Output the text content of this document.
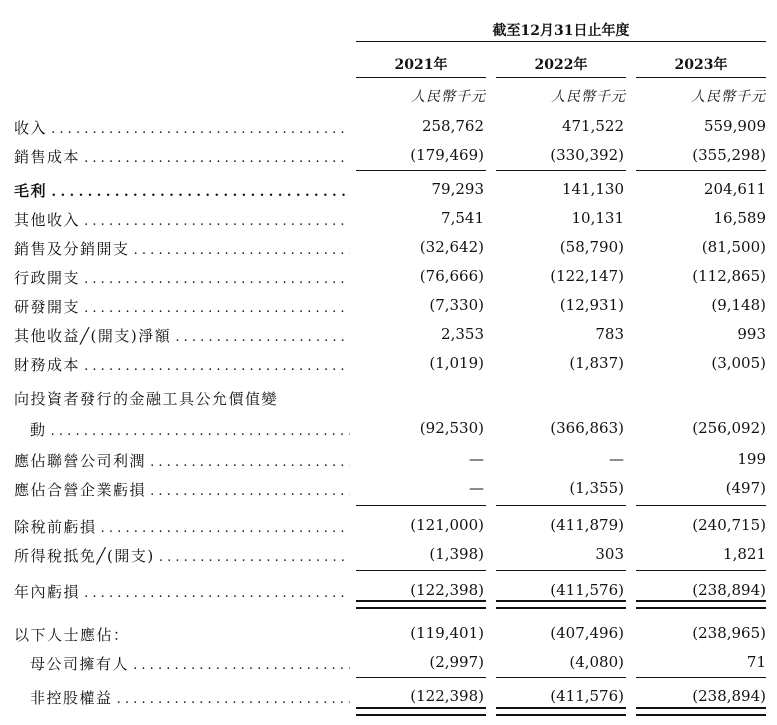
截至12月31日止年度
2021年	2022年	2023年
人民幣千元	人民幣千元	人民幣千元
收入 . . .	258,762	471,522	559,909
銷售成本 . . .	(179,469)	(330,392)	(355,298)
毛利 . . .	79,293	141,130	204,611
其他收入 . . .	7,541	10,131	16,589
銷售及分銷開支 . . .	(32,642)	(58,790)	(81,500)
行政開支 . . .	(76,666)	(122,147)	(112,865)
研發開支 . . .	(7,330)	(12,931)	(9,148)
其他收益╱(開支)淨額 . . .	2,353	783	993
財務成本 . . .	(1,019)	(1,837)	(3,005)
向投資者發行的金融工具公允價值變
動 . . .	(92,530)	(366,863)	(256,092)
應佔聯營公司利潤 . . .	—	—	199
應佔合營企業虧損 . . .	—	(1,355)	(497)
除稅前虧損 . . .	(121,000)	(411,879)	(240,715)
所得稅抵免╱(開支) . . .	(1,398)	303	1,821
年內虧損 . . .	(122,398)	(411,576)	(238,894)
以下人士應佔：	(119,401)	(407,496)	(238,965)
母公司擁有人 . . .	(2,997)	(4,080)	71
非控股權益 . . .	(122,398)	(411,576)	(238,894)
